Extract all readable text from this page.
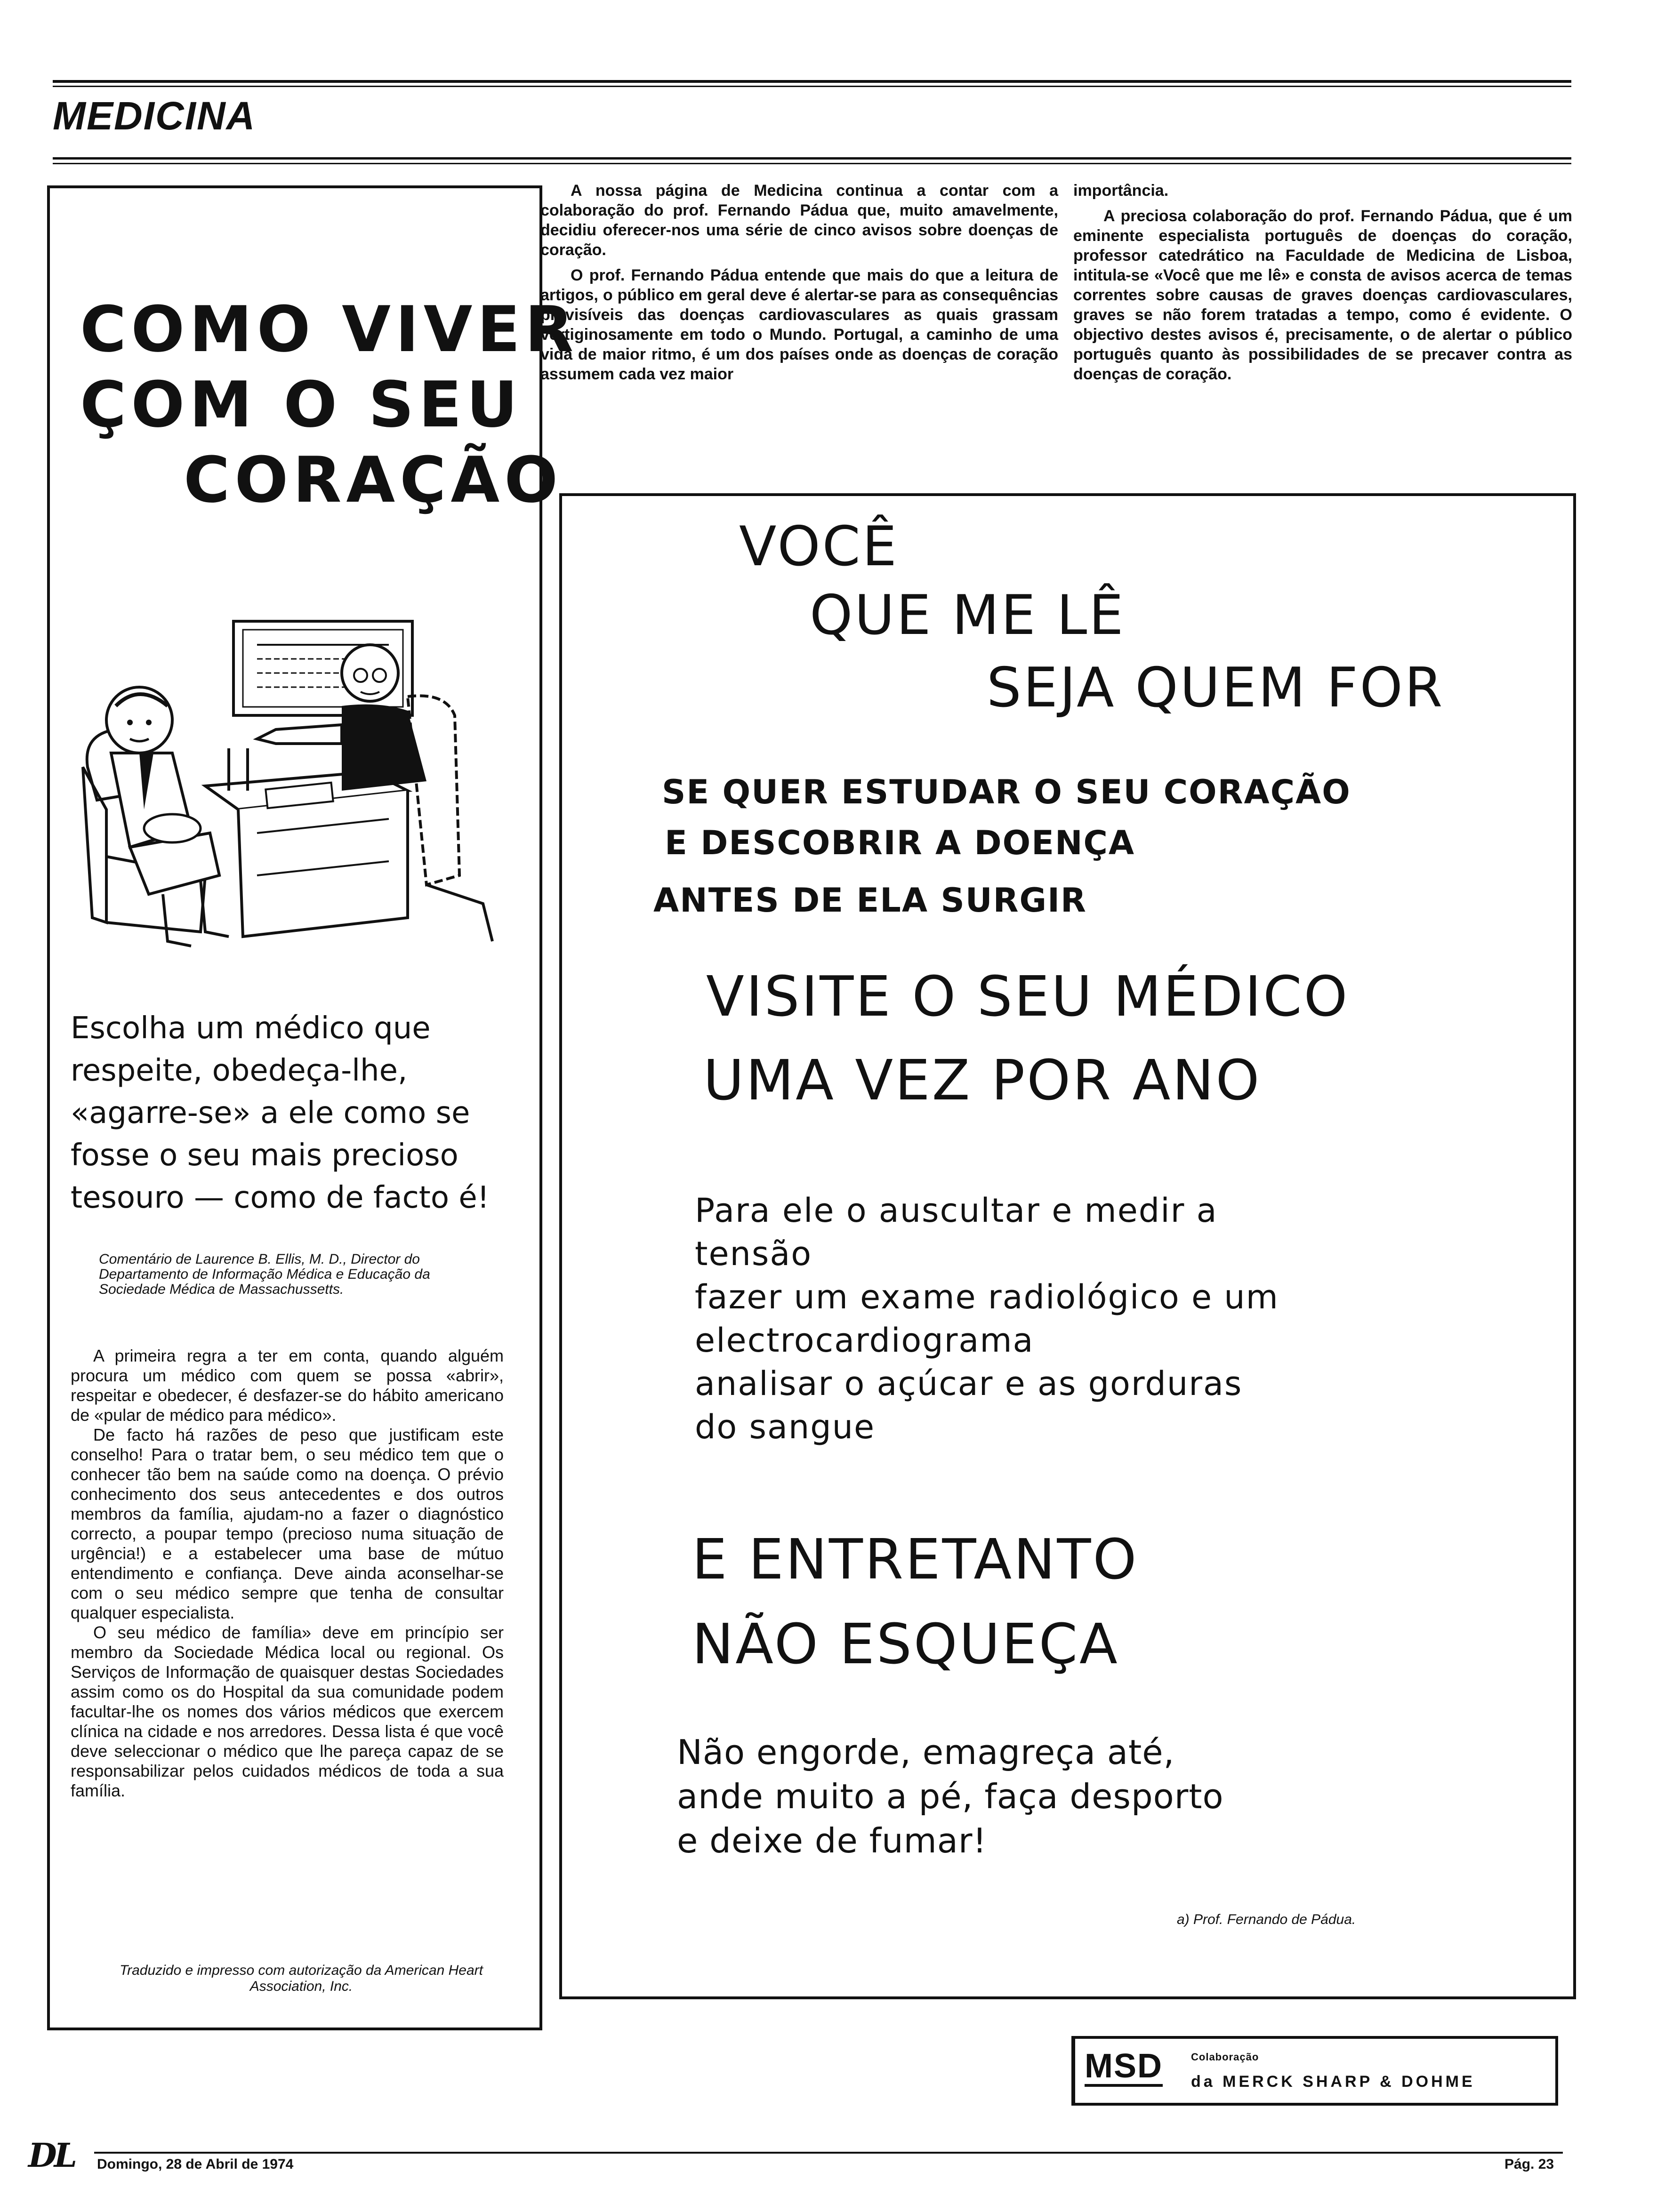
MEDICINA
COMO VIVER
ÇOM O SEU
CORAÇÃO
Escolha um médico que respeite, obedeça-lhe, «agarre-se» a ele como se fosse o seu mais precioso tesouro — como de facto é!
Comentário de Laurence B. Ellis, M. D., Director do Departamento de Informação Médica e Educação da Sociedade Médica de Massachussetts.

A primeira regra a ter em conta, quando alguém procura um médico com quem se possa «abrir», respeitar e obedecer, é desfazer-se do hábito americano de «pular de médico para médico».

De facto há razões de peso que justificam este conselho! Para o tratar bem, o seu médico tem que o conhecer tão bem na saúde como na doença. O prévio conhecimento dos seus antecedentes e dos outros membros da família, ajudam-no a fazer o diagnóstico correcto, a poupar tempo (precioso numa situação de urgência!) e a estabelecer uma base de mútuo entendimento e confiança. Deve ainda aconselhar-se com o seu médico sempre que tenha de consultar qualquer especialista.

O seu médico de família» deve em princípio ser membro da Sociedade Médica local ou regional. Os Serviços de Informação de quaisquer destas Sociedades assim como os do Hospital da sua comunidade podem facultar-lhe os nomes dos vários médicos que exercem clínica na cidade e nos arredores. Dessa lista é que você deve seleccionar o médico que lhe pareça capaz de se responsabilizar pelos cuidados médicos de toda a sua família.

Traduzido e impresso com autorização da American Heart Association, Inc.

A nossa página de Medicina continua a contar com a colaboração do prof. Fernando Pádua que, muito amavelmente, decidiu oferecer-nos uma série de cinco avisos sobre doenças de coração.

O prof. Fernando Pádua entende que mais do que a leitura de artigos, o público em geral deve é alertar-se para as consequências previsíveis das doenças cardiovasculares as quais grassam vertiginosamente em todo o Mundo. Portugal, a caminho de uma vida de maior ritmo, é um dos países onde as doenças de coração assumem cada vez maior

importância.

A preciosa colaboração do prof. Fernando Pádua, que é um eminente especialista português de doenças do coração, professor catedrático na Faculdade de Medicina de Lisboa, intitula-se «Você que me lê» e consta de avisos acerca de temas correntes sobre causas de graves doenças cardiovasculares, graves se não forem tratadas a tempo, como é evidente. O objectivo destes avisos é, precisamente, o de alertar o público português quanto às possibilidades de se precaver contra as doenças de coração.

VOCÊ
QUE ME LÊ
SEJA QUEM FOR
SE QUER ESTUDAR O SEU CORAÇÃO
E DESCOBRIR A DOENÇA
ANTES DE ELA SURGIR
VISITE O SEU MÉDICO
UMA VEZ POR ANO
Para ele o auscultar e medir a
tensão
fazer um exame radiológico e um
electrocardiograma
analisar o açúcar e as gorduras
do sangue
E ENTRETANTO
NÃO ESQUEÇA
Não engorde, emagreça até,
ande muito a pé, faça desporto
e deixe de fumar!
a) Prof. Fernando de Pádua.
MSD	Colaboração
da MERCK SHARP & DOHME
DL Domingo, 28 de Abril de 1974	Pág. 23
